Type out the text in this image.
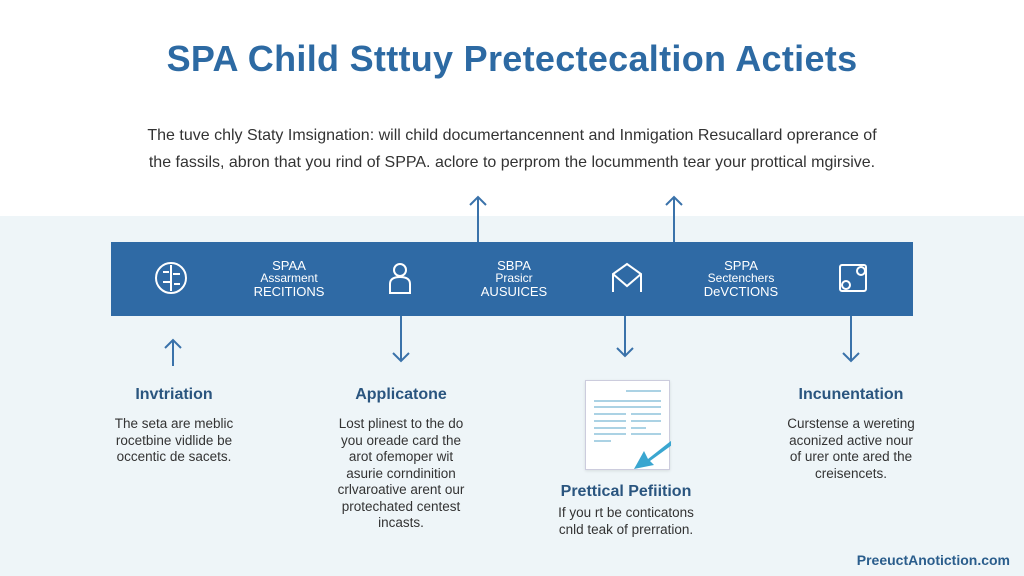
SPA Child Stttuy Pretectecaltion Actiets
The tuve chly Staty Imsignation: will child documertancennent and Inmigation Resucallard oprerance of
the fassils, abron that you rind of SPPA. aclore to perprom the locummenth tear your prottical mgirsive.
SPAA
Assarment
RECITIONS
SBPA
Prasicr
AUSUICES
SPPA
Sectenchers
DeVCTIONS
Invtriation

The seta are meblic
rocetbine vidlide be
occentic de sacets.

Applicatone

Lost plinest to the do
you oreade card the
arot ofemoper wit
asurie corndinition
crlvaroative arent our
protechated centest
incasts.

Prettical Pefiition

If you rt be conticatons
cnld teak of prerration.

Incunentation

Curstense a wereting
aconized active nour
of urer onte ared the
creisencets.

PreeuctAnotiction.com
